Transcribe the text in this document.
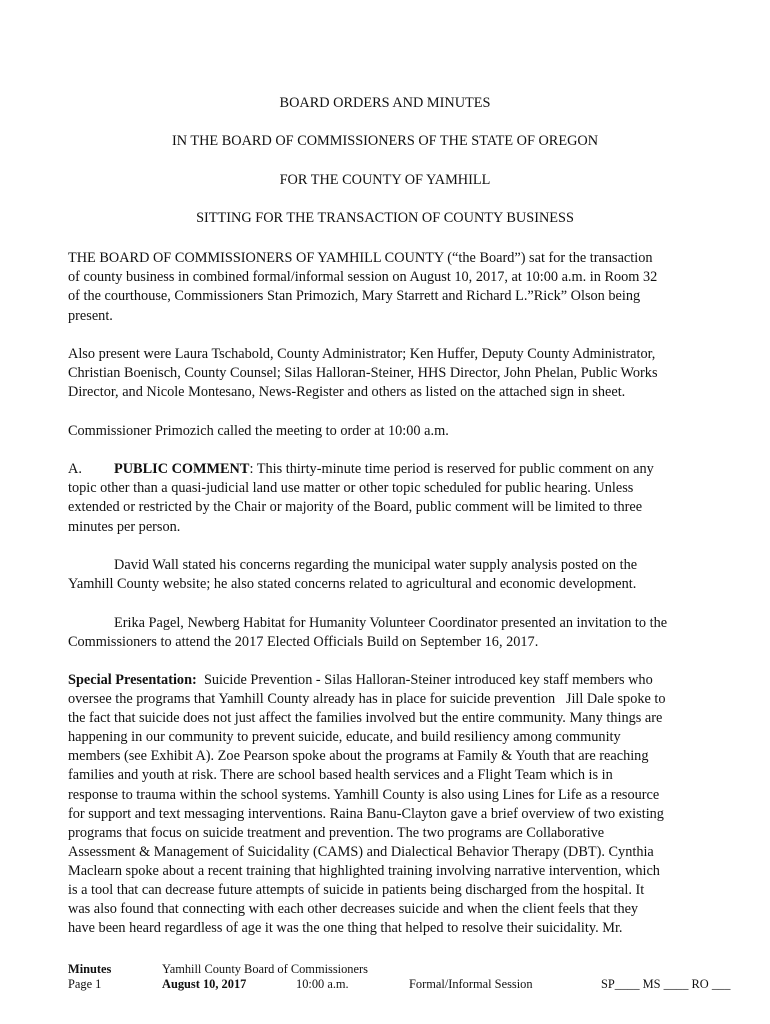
BOARD ORDERS AND MINUTES
IN THE BOARD OF COMMISSIONERS OF THE STATE OF OREGON
FOR THE COUNTY OF YAMHILL
SITTING FOR THE TRANSACTION OF COUNTY BUSINESS
THE BOARD OF COMMISSIONERS OF YAMHILL COUNTY (“the Board”) sat for the transaction
of county business in combined formal/informal session on August 10, 2017, at 10:00 a.m. in Room 32
of the courthouse, Commissioners Stan Primozich, Mary Starrett and Richard L.”Rick” Olson being
present.
Also present were Laura Tschabold, County Administrator; Ken Huffer, Deputy County Administrator,
Christian Boenisch, County Counsel; Silas Halloran-Steiner, HHS Director, John Phelan, Public Works
Director, and Nicole Montesano, News-Register and others as listed on the attached sign in sheet.
Commissioner Primozich called the meeting to order at 10:00 a.m.
A. PUBLIC COMMENT: This thirty-minute time period is reserved for public comment on any
topic other than a quasi-judicial land use matter or other topic scheduled for public hearing. Unless
extended or restricted by the Chair or majority of the Board, public comment will be limited to three
minutes per person.
David Wall stated his concerns regarding the municipal water supply analysis posted on the
Yamhill County website; he also stated concerns related to agricultural and economic development.
Erika Pagel, Newberg Habitat for Humanity Volunteer Coordinator presented an invitation to the
Commissioners to attend the 2017 Elected Officials Build on September 16, 2017.
Special Presentation:  Suicide Prevention - Silas Halloran-Steiner introduced key staff members who
oversee the programs that Yamhill County already has in place for suicide prevention   Jill Dale spoke to
the fact that suicide does not just affect the families involved but the entire community. Many things are
happening in our community to prevent suicide, educate, and build resiliency among community
members (see Exhibit A). Zoe Pearson spoke about the programs at Family & Youth that are reaching
families and youth at risk. There are school based health services and a Flight Team which is in
response to trauma within the school systems. Yamhill County is also using Lines for Life as a resource
for support and text messaging interventions. Raina Banu-Clayton gave a brief overview of two existing
programs that focus on suicide treatment and prevention. The two programs are Collaborative
Assessment & Management of Suicidality (CAMS) and Dialectical Behavior Therapy (DBT). Cynthia
Maclearn spoke about a recent training that highlighted training involving narrative intervention, which
is a tool that can decrease future attempts of suicide in patients being discharged from the hospital. It
was also found that connecting with each other decreases suicide and when the client feels that they
have been heard regardless of age it was the one thing that helped to resolve their suicidality. Mr.
Minutes
Page 1
Yamhill County Board of Commissioners
August 10, 2017	10:00 a.m.	Formal/Informal Session	SP____ MS ____ RO ___
